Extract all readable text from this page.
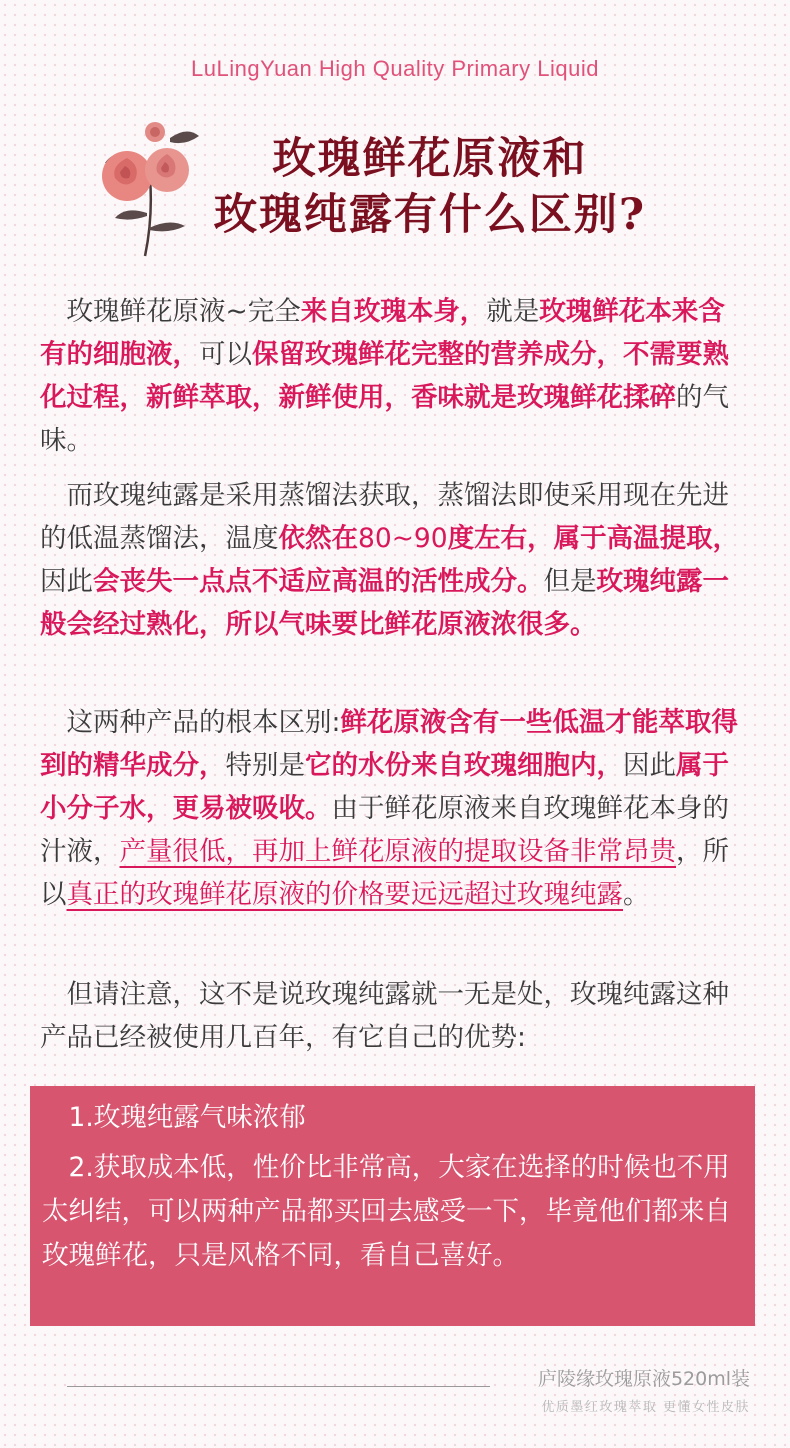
LuLingYuan High Quality Primary Liquid
玫瑰鲜花原液和
玫瑰纯露有什么区别?

　玫瑰鲜花原液~完全来自玫瑰本身，就是玫瑰鲜花本来含有的细胞液，可以保留玫瑰鲜花完整的营养成分，不需要熟化过程，新鲜萃取，新鲜使用，香味就是玫瑰鲜花揉碎的气味。

　而玫瑰纯露是采用蒸馏法获取，蒸馏法即使采用现在先进的低温蒸馏法，温度依然在80~90度左右，属于高温提取，因此会丧失一点点不适应高温的活性成分。但是玫瑰纯露一般会经过熟化，所以气味要比鲜花原液浓很多。

　这两种产品的根本区别:鲜花原液含有一些低温才能萃取得到的精华成分，特别是它的水份来自玫瑰细胞内，因此属于小分子水，更易被吸收。由于鲜花原液来自玫瑰鲜花本身的汁液，产量很低，再加上鲜花原液的提取设备非常昂贵，所以真正的玫瑰鲜花原液的价格要远远超过玫瑰纯露。

　但请注意，这不是说玫瑰纯露就一无是处，玫瑰纯露这种产品已经被使用几百年，有它自己的优势:

　1.玫瑰纯露气味浓郁

　2.获取成本低，性价比非常高，大家在选择的时候也不用太纠结，可以两种产品都买回去感受一下，毕竟他们都来自玫瑰鲜花，只是风格不同，看自己喜好。

庐陵缘玫瑰原液520ml装
优质墨红玫瑰萃取 更懂女性皮肤
